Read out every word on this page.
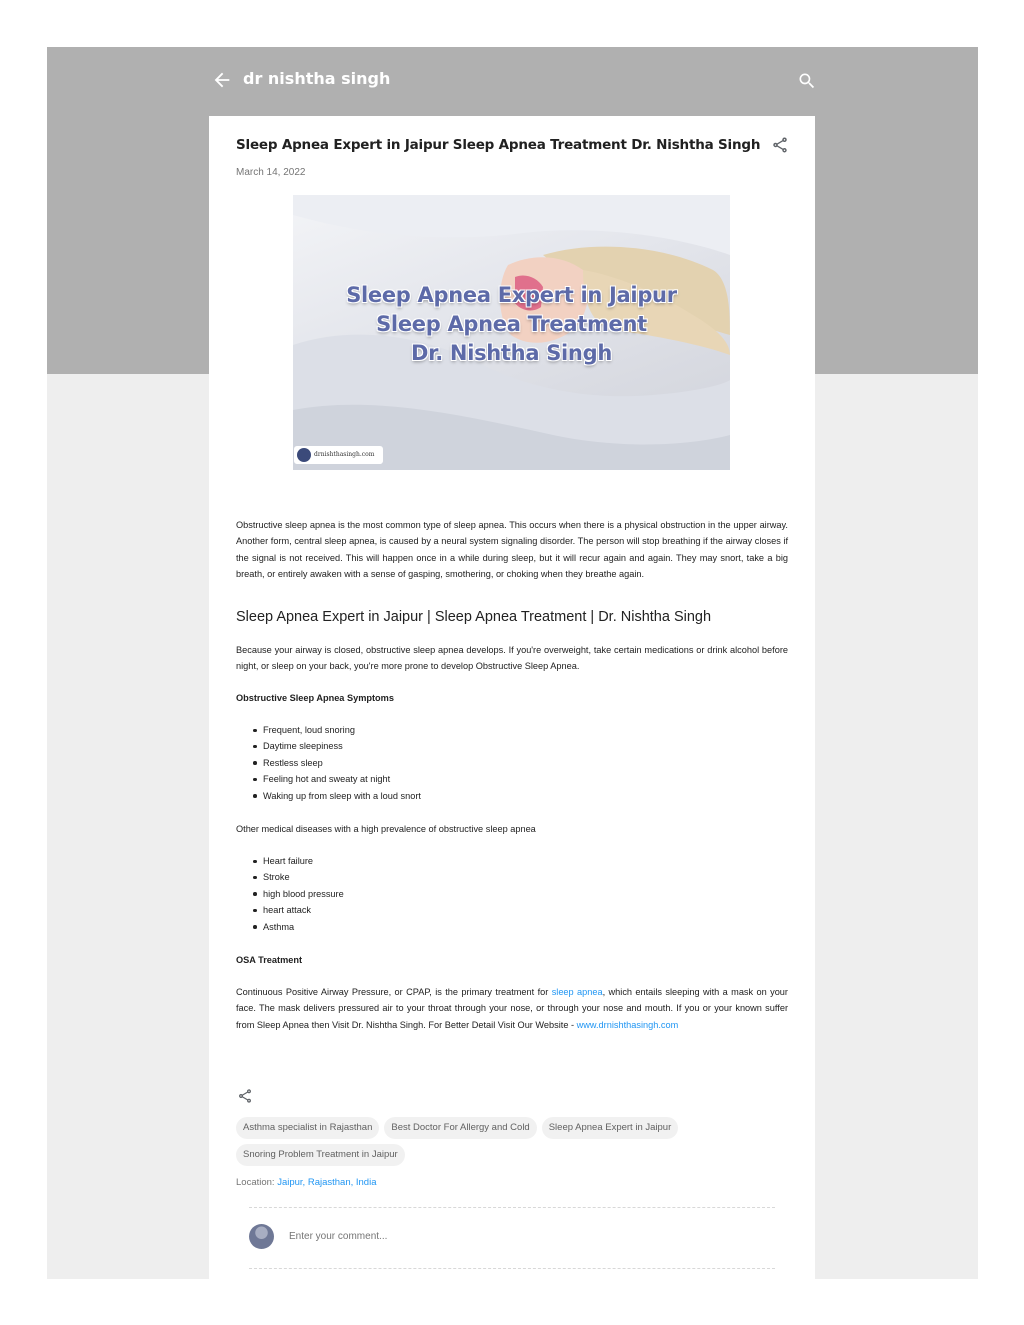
dr nishtha singh
Sleep Apnea Expert in Jaipur Sleep Apnea Treatment Dr. Nishtha Singh
March 14, 2022
Sleep Apnea Expert in Jaipur
Sleep Apnea Treatment
Dr. Nishtha Singh
drnishthasingh.com
Obstructive sleep apnea is the most common type of sleep apnea. This occurs when there is a physical obstruction in the upper airway. Another form, central sleep apnea, is caused by a neural system signaling disorder. The person will stop breathing if the airway closes if the signal is not received. This will happen once in a while during sleep, but it will recur again and again. They may snort, take a big breath, or entirely awaken with a sense of gasping, smothering, or choking when they breathe again.
Sleep Apnea Expert in Jaipur | Sleep Apnea Treatment | Dr. Nishtha Singh
Because your airway is closed, obstructive sleep apnea develops. If you're overweight, take certain medications or drink alcohol before night, or sleep on your back, you're more prone to develop Obstructive Sleep Apnea.
Obstructive Sleep Apnea Symptoms
Frequent, loud snoring
Daytime sleepiness
Restless sleep
Feeling hot and sweaty at night
Waking up from sleep with a loud snort
Other medical diseases with a high prevalence of obstructive sleep apnea
Heart failure
Stroke
high blood pressure
heart attack
Asthma
OSA Treatment
Continuous Positive Airway Pressure, or CPAP, is the primary treatment for sleep apnea, which entails sleeping with a mask on your face. The mask delivers pressured air to your throat through your nose, or through your nose and mouth. If you or your known suffer from Sleep Apnea then Visit Dr. Nishtha Singh. For Better Detail Visit Our Website - www.drnishthasingh.com
Asthma specialist in Rajasthan Best Doctor For Allergy and Cold Sleep Apnea Expert in Jaipur
Snoring Problem Treatment in Jaipur
Location: Jaipur, Rajasthan, India
Enter your comment...
